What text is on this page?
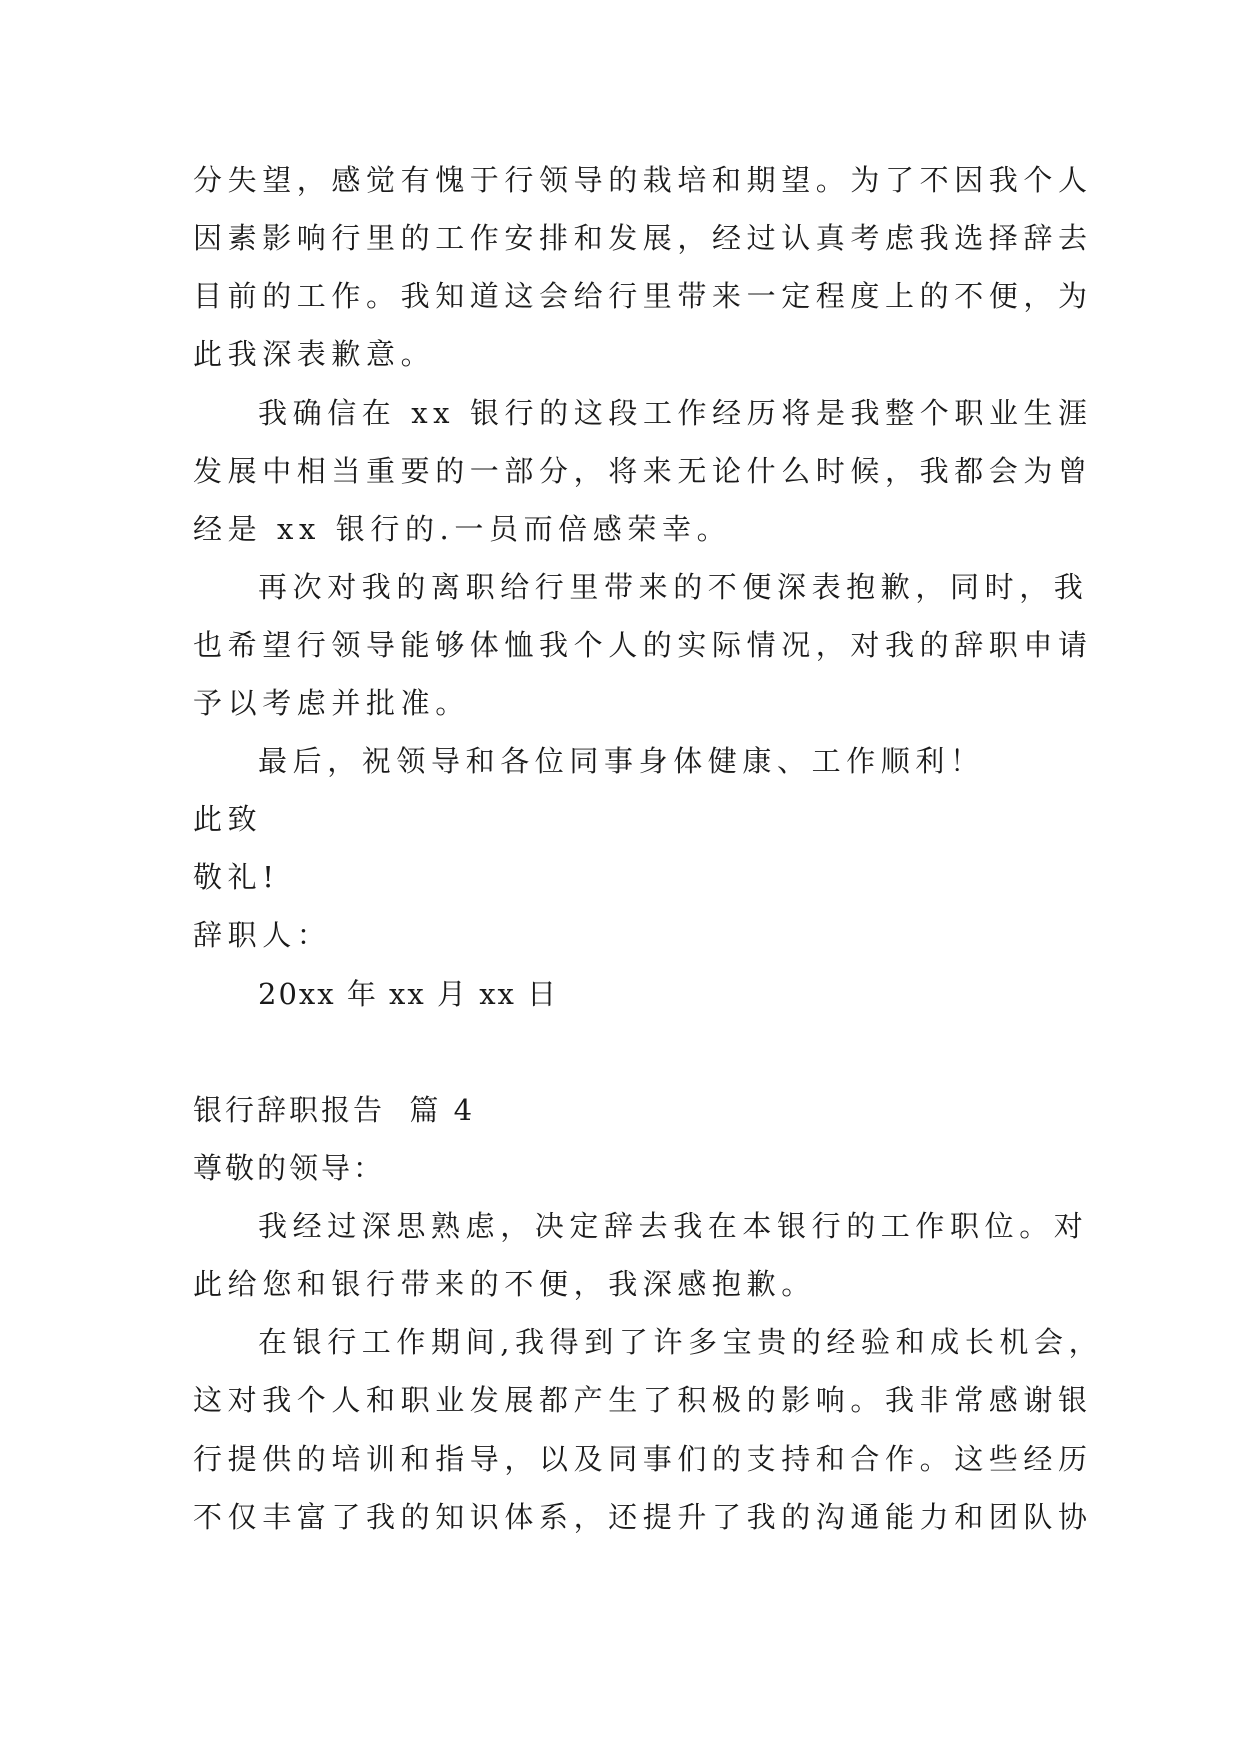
分失望，感觉有愧于行领导的栽培和期望。为了不因我个人
因素影响行里的工作安排和发展，经过认真考虑我选择辞去
目前的工作。我知道这会给行里带来一定程度上的不便，为
此我深表歉意。
我确信在 xx 银行的这段工作经历将是我整个职业生涯
发展中相当重要的一部分，将来无论什么时候，我都会为曾
经是 xx 银行的.一员而倍感荣幸。
再次对我的离职给行里带来的不便深表抱歉，同时，我
也希望行领导能够体恤我个人的实际情况，对我的辞职申请
予以考虑并批准。
最后，祝领导和各位同事身体健康、工作顺利！
此致
敬礼!
辞职人：
20xx 年 xx 月 xx 日
银行辞职报告  篇 4
尊敬的领导：
我经过深思熟虑，决定辞去我在本银行的工作职位。对
此给您和银行带来的不便，我深感抱歉。
在银行工作期间,我得到了许多宝贵的经验和成长机会，
这对我个人和职业发展都产生了积极的影响。我非常感谢银
行提供的培训和指导，以及同事们的支持和合作。这些经历
不仅丰富了我的知识体系，还提升了我的沟通能力和团队协
